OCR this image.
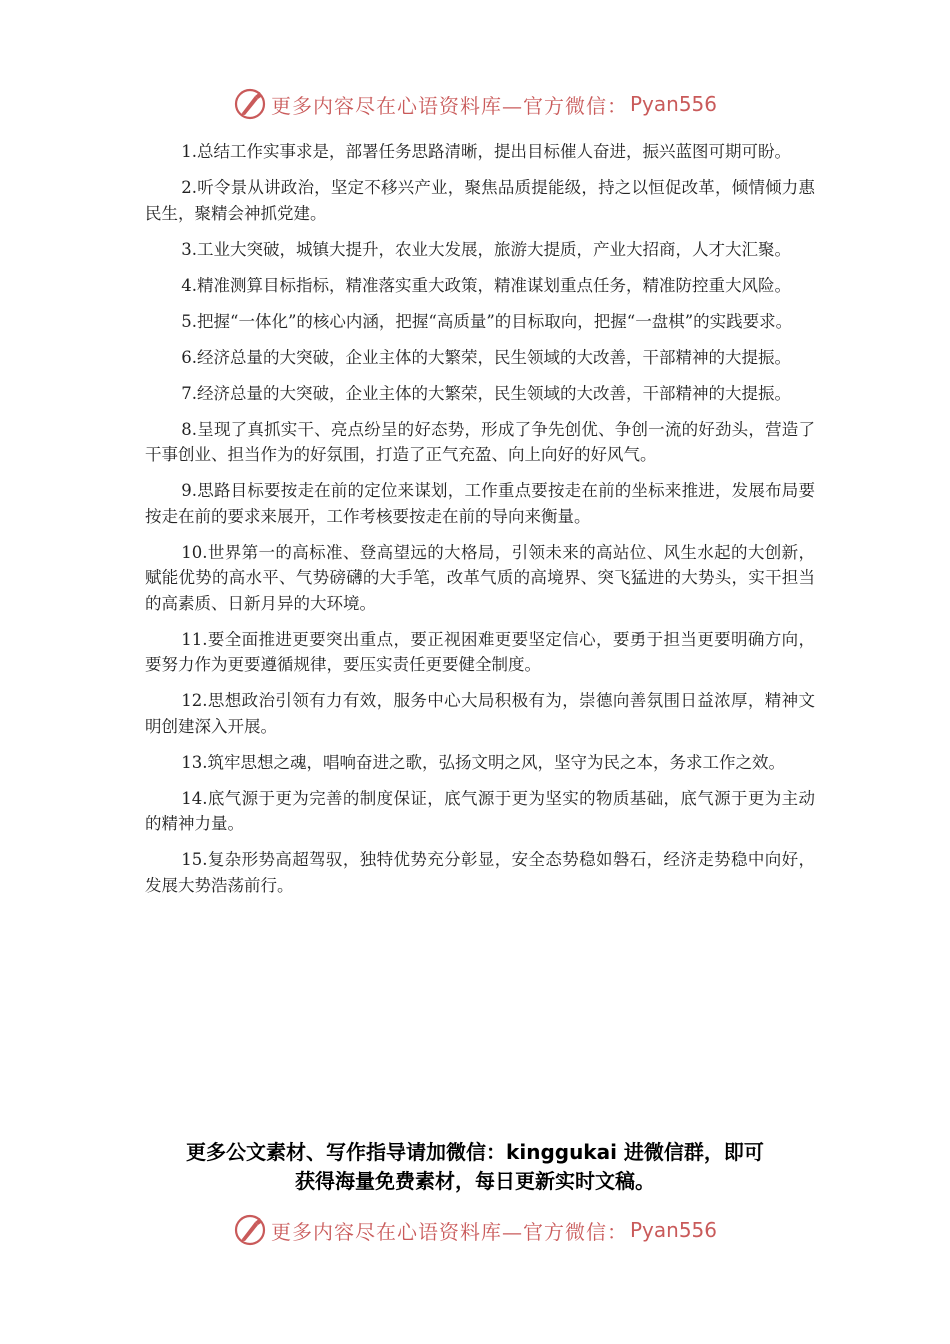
更多内容尽在心语资料库—官方微信： Pyan556

1.总结工作实事求是，部署任务思路清晰，提出目标催人奋进，振兴蓝图可期可盼。

2.听令景从讲政治，坚定不移兴产业，聚焦品质提能级，持之以恒促改革，倾情倾力惠民生，聚精会神抓党建。

3.工业大突破，城镇大提升，农业大发展，旅游大提质，产业大招商，人才大汇聚。

4.精准测算目标指标，精准落实重大政策，精准谋划重点任务，精准防控重大风险。

5.把握“一体化”的核心内涵，把握“高质量”的目标取向，把握“一盘棋”的实践要求。

6.经济总量的大突破，企业主体的大繁荣，民生领域的大改善，干部精神的大提振。

7.经济总量的大突破，企业主体的大繁荣，民生领域的大改善，干部精神的大提振。

8.呈现了真抓实干、亮点纷呈的好态势，形成了争先创优、争创一流的好劲头，营造了干事创业、担当作为的好氛围，打造了正气充盈、向上向好的好风气。

9.思路目标要按走在前的定位来谋划，工作重点要按走在前的坐标来推进，发展布局要按走在前的要求来展开，工作考核要按走在前的导向来衡量。

10.世界第一的高标准、登高望远的大格局，引领未来的高站位、风生水起的大创新，赋能优势的高水平、气势磅礴的大手笔，改革气质的高境界、突飞猛进的大势头，实干担当的高素质、日新月异的大环境。

11.要全面推进更要突出重点，要正视困难更要坚定信心，要勇于担当更要明确方向，要努力作为更要遵循规律，要压实责任更要健全制度。

12.思想政治引领有力有效，服务中心大局积极有为，崇德向善氛围日益浓厚，精神文明创建深入开展。

13.筑牢思想之魂，唱响奋进之歌，弘扬文明之风，坚守为民之本，务求工作之效。

14.底气源于更为完善的制度保证，底气源于更为坚实的物质基础，底气源于更为主动的精神力量。

15.复杂形势高超驾驭，独特优势充分彰显，安全态势稳如磐石，经济走势稳中向好，发展大势浩荡前行。

更多公文素材、写作指导请加微信：kinggukai 进微信群，即可
获得海量免费素材，每日更新实时文稿。
更多内容尽在心语资料库—官方微信： Pyan556
